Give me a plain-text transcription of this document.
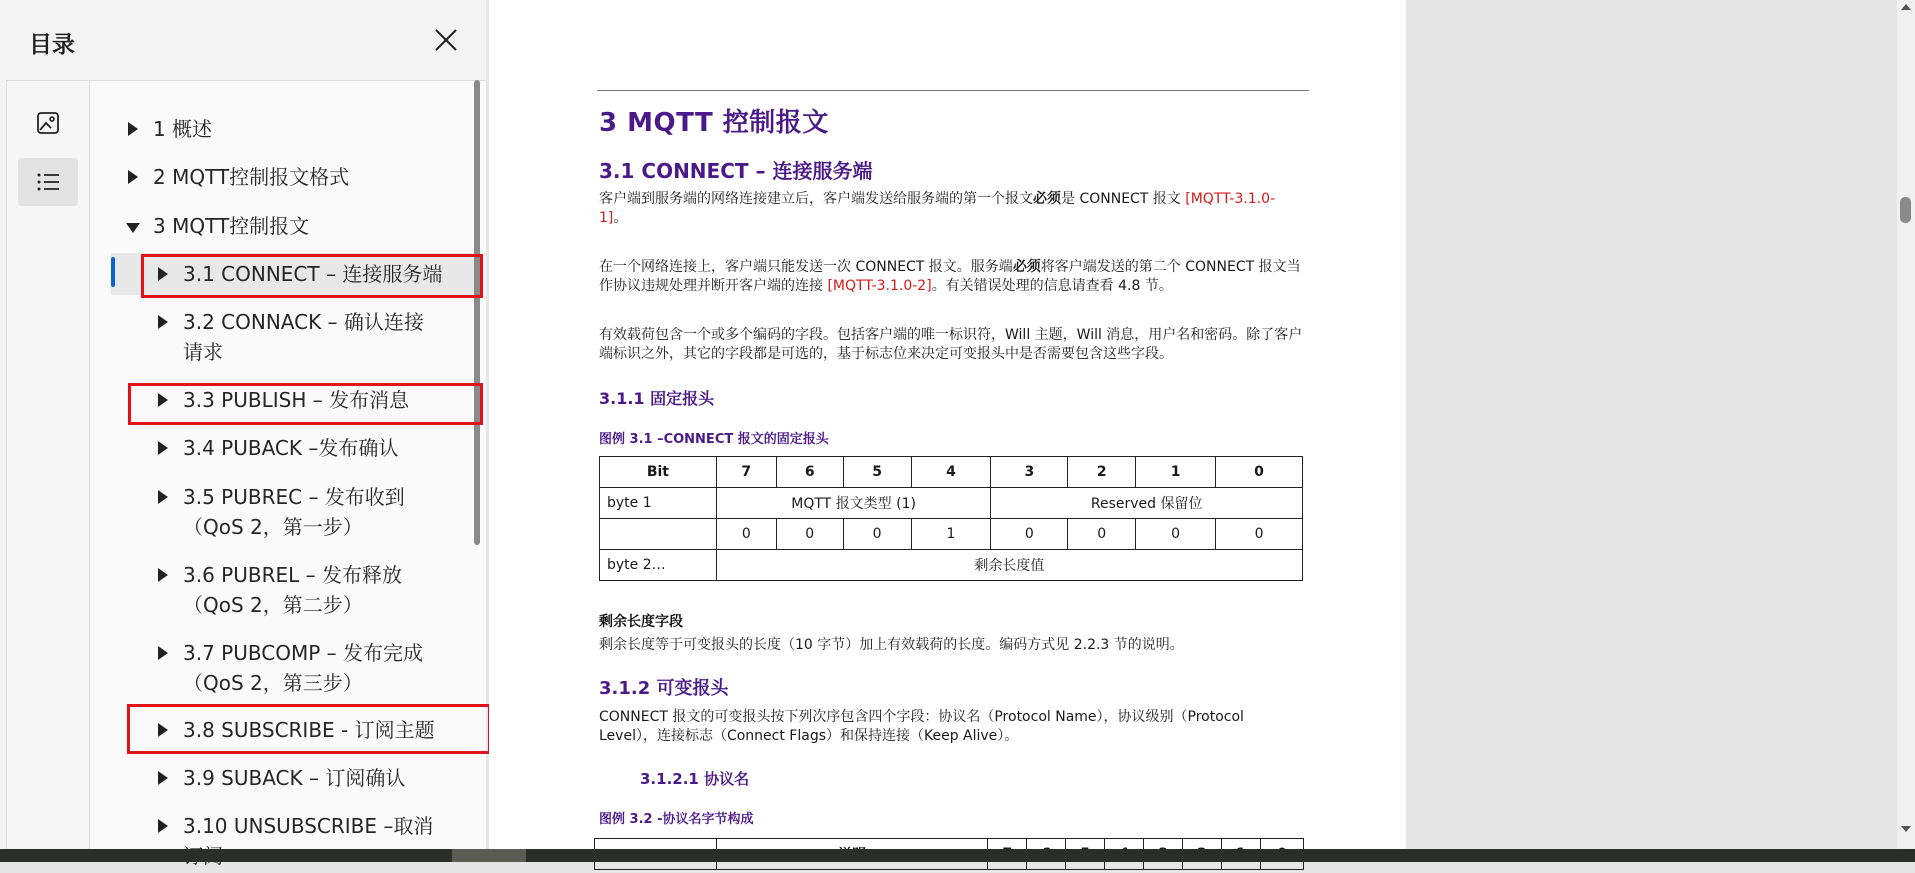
目录
1 概述
2 MQTT控制报文格式
3 MQTT控制报文
3.1 CONNECT – 连接服务端
3.2 CONNACK – 确认连接请求
3.3 PUBLISH – 发布消息
3.4 PUBACK –发布确认
3.5 PUBREC – 发布收到（QoS 2，第一步）
3.6 PUBREL – 发布释放（QoS 2，第二步）
3.7 PUBCOMP – 发布完成（QoS 2，第三步）
3.8 SUBSCRIBE - 订阅主题
3.9 SUBACK – 订阅确认
3.10 UNSUBSCRIBE –取消
3 MQTT 控制报文
3.1 CONNECT – 连接服务端
客户端到服务端的网络连接建立后，客户端发送给服务端的第一个报文必须是 CONNECT 报文 [MQTT-3.1.0-1]。
在一个网络连接上，客户端只能发送一次 CONNECT 报文。服务端必须将客户端发送的第二个 CONNECT 报文当作协议违规处理并断开客户端的连接 [MQTT-3.1.0-2]。有关错误处理的信息请查看 4.8 节。
有效载荷包含一个或多个编码的字段。包括客户端的唯一标识符，Will 主题，Will 消息，用户名和密码。除了客户端标识之外，其它的字段都是可选的，基于标志位来决定可变报头中是否需要包含这些字段。
3.1.1 固定报头
图例 3.1 –CONNECT 报文的固定报头
Bit	7	6	5	4	3	2	1	0
byte 1	MQTT 报文类型 (1)				Reserved 保留位			
	0	0	0	1	0	0	0	0
byte 2…	剩余长度值							
剩余长度字段
剩余长度等于可变报头的长度（10 字节）加上有效载荷的长度。编码方式见 2.2.3 节的说明。
3.1.2 可变报头
CONNECT 报文的可变报头按下列次序包含四个字段：协议名（Protocol Name），协议级别（Protocol Level），连接标志（Connect Flags）和保持连接（Keep Alive）。
3.1.2.1 协议名
图例 3.2 -协议名字节构成
